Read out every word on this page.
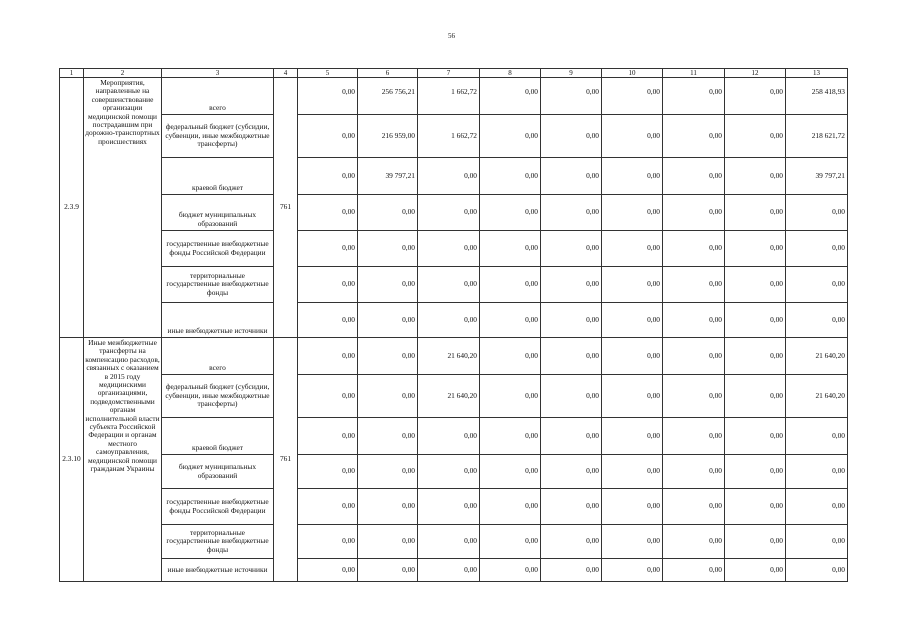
56
1	2	3	4	5	6	7	8	9	10	11	12	13
2.3.9	Мероприятия, направленные на совершенствование организации медицинской помощи пострадавшим при дорожно-транспортных происшествиях	всего	761	0,00	256 756,21	1 662,72	0,00	0,00	0,00	0,00	0,00	258 418,93
		федеральный бюджет (субсидии, субвенции, иные межбюджетные трансферты)		0,00	216 959,00	1 662,72	0,00	0,00	0,00	0,00	0,00	218 621,72
		краевой бюджет		0,00	39 797,21	0,00	0,00	0,00	0,00	0,00	0,00	39 797,21
		бюджет муниципальных образований		0,00	0,00	0,00	0,00	0,00	0,00	0,00	0,00	0,00
		государственные внебюджетные фонды Российской Федерации		0,00	0,00	0,00	0,00	0,00	0,00	0,00	0,00	0,00
		территориальные государственные внебюджетные фонды		0,00	0,00	0,00	0,00	0,00	0,00	0,00	0,00	0,00
		иные внебюджетные источники		0,00	0,00	0,00	0,00	0,00	0,00	0,00	0,00	0,00
2.3.10	Иные межбюджетные трансферты на компенсацию расходов, связанных с оказанием в 2015 году медицинскими организациями, подведомственными органам исполнительной власти субъекта Российской Федерации и органам местного самоуправления, медицинской помощи гражданам Украины	всего	761	0,00	0,00	21 640,20	0,00	0,00	0,00	0,00	0,00	21 640,20
		федеральный бюджет (субсидии, субвенции, иные межбюджетные трансферты)		0,00	0,00	21 640,20	0,00	0,00	0,00	0,00	0,00	21 640,20
		краевой бюджет		0,00	0,00	0,00	0,00	0,00	0,00	0,00	0,00	0,00
		бюджет муниципальных образований		0,00	0,00	0,00	0,00	0,00	0,00	0,00	0,00	0,00
		государственные внебюджетные фонды Российской Федерации		0,00	0,00	0,00	0,00	0,00	0,00	0,00	0,00	0,00
		территориальные государственные внебюджетные фонды		0,00	0,00	0,00	0,00	0,00	0,00	0,00	0,00	0,00
		иные внебюджетные источники		0,00	0,00	0,00	0,00	0,00	0,00	0,00	0,00	0,00
